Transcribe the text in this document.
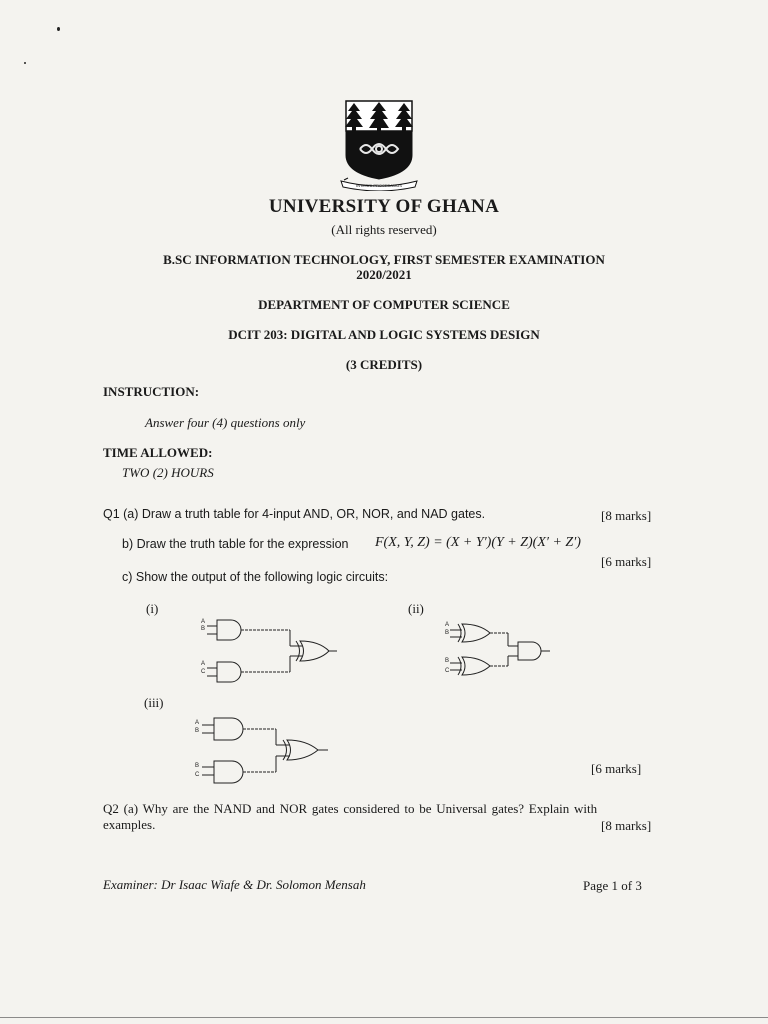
INTEGRI PROCEDAMUS
UNIVERSITY OF GHANA
(All rights reserved)
B.SC INFORMATION TECHNOLOGY, FIRST SEMESTER EXAMINATION
2020/2021
DEPARTMENT OF COMPUTER SCIENCE
DCIT 203: DIGITAL AND LOGIC SYSTEMS DESIGN
(3 CREDITS)
INSTRUCTION:
Answer four (4) questions only
TIME ALLOWED:
TWO (2) HOURS
Q1 (a) Draw a truth table for 4-input AND, OR, NOR, and NAD gates.	[8 marks]
b) Draw the truth table for the expression F(X, Y, Z) = (X + Y′)(Y + Z)(X′ + Z′)
[6 marks]
c) Show the output of the following logic circuits:
(i)	(ii)
(iii)
A
B
A
C
A
B
B
C
A
B
B
C	[6 marks]
Q2 (a) Why are the NAND and NOR gates considered to be Universal gates? Explain with
examples.	[8 marks]
Examiner: Dr Isaac Wiafe & Dr. Solomon Mensah	Page 1 of 3
